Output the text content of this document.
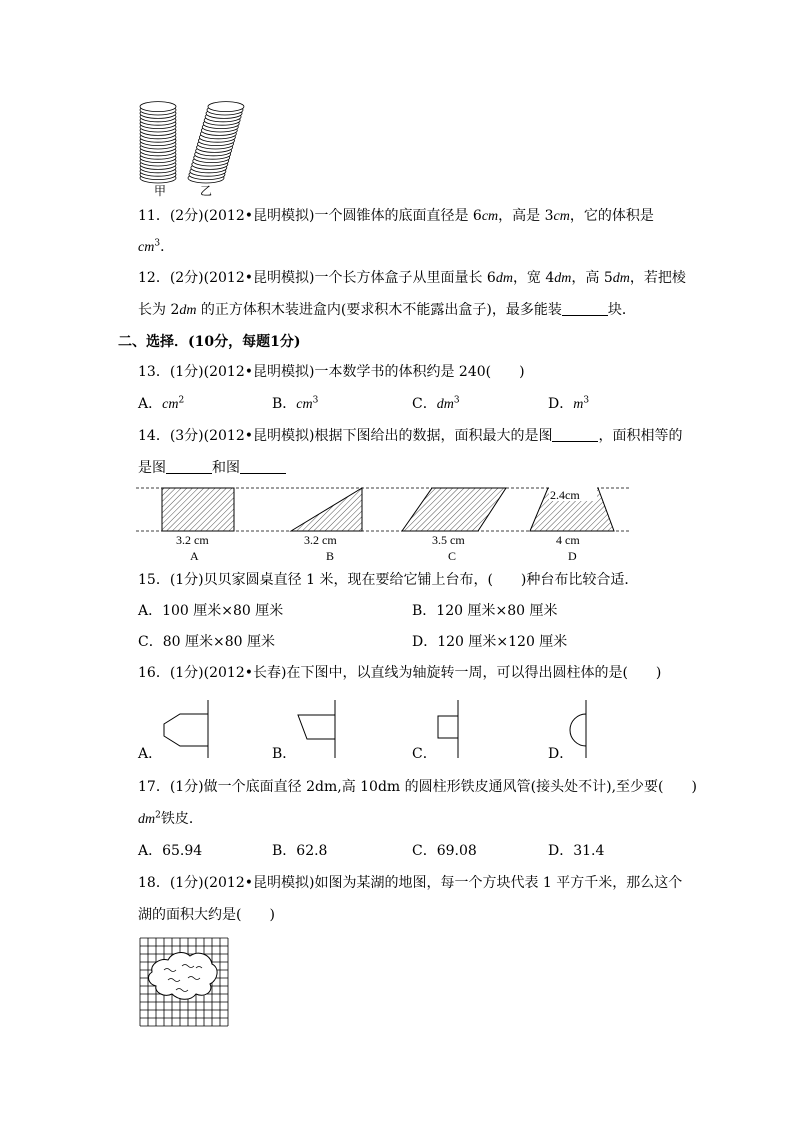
甲	乙
11．(2分)(2012•昆明模拟)一个圆锥体的底面直径是 6cm，高是 3cm，它的体积是
$cm^3$．
12．(2分)(2012•昆明模拟)一个长方体盒子从里面量长 6dm，宽 4dm，高 5dm，若把棱
长为 2dm 的正方体积木装进盒内(要求积木不能露出盒子)，最多能装	块．
二、选择．(10分，每题1分)
13．(1分)(2012•昆明模拟)一本数学书的体积约是 240(　　)
A．$cm^2$	B．$cm^3$	C．$dm^3$	D．$m^3$
14．(3分)(2012•昆明模拟)根据下图给出的数据，面积最大的是图	，面积相等的
是图	和图
2.4cm
3.2 cm	3.2 cm	3.5 cm	4 cm
A	B	C	D
15．(1分)贝贝家圆桌直径 1 米，现在要给它铺上台布，(　　)种台布比较合适．
A．100 厘米×80 厘米	B．120 厘米×80 厘米
C．80 厘米×80 厘米	D．120 厘米×120 厘米
16．(1分)(2012•长春)在下图中，以直线为轴旋转一周，可以得出圆柱体的是(　　)
A．	B．	C．	D．
17．(1分)做一个底面直径 2dm,高 10dm 的圆柱形铁皮通风管(接头处不计),至少要(　　)
$dm^2$铁皮．
A．65.94	B．62.8	C．69.08	D．31.4
18．(1分)(2012•昆明模拟)如图为某湖的地图，每一个方块代表 1 平方千米，那么这个
湖的面积大约是(　　)
